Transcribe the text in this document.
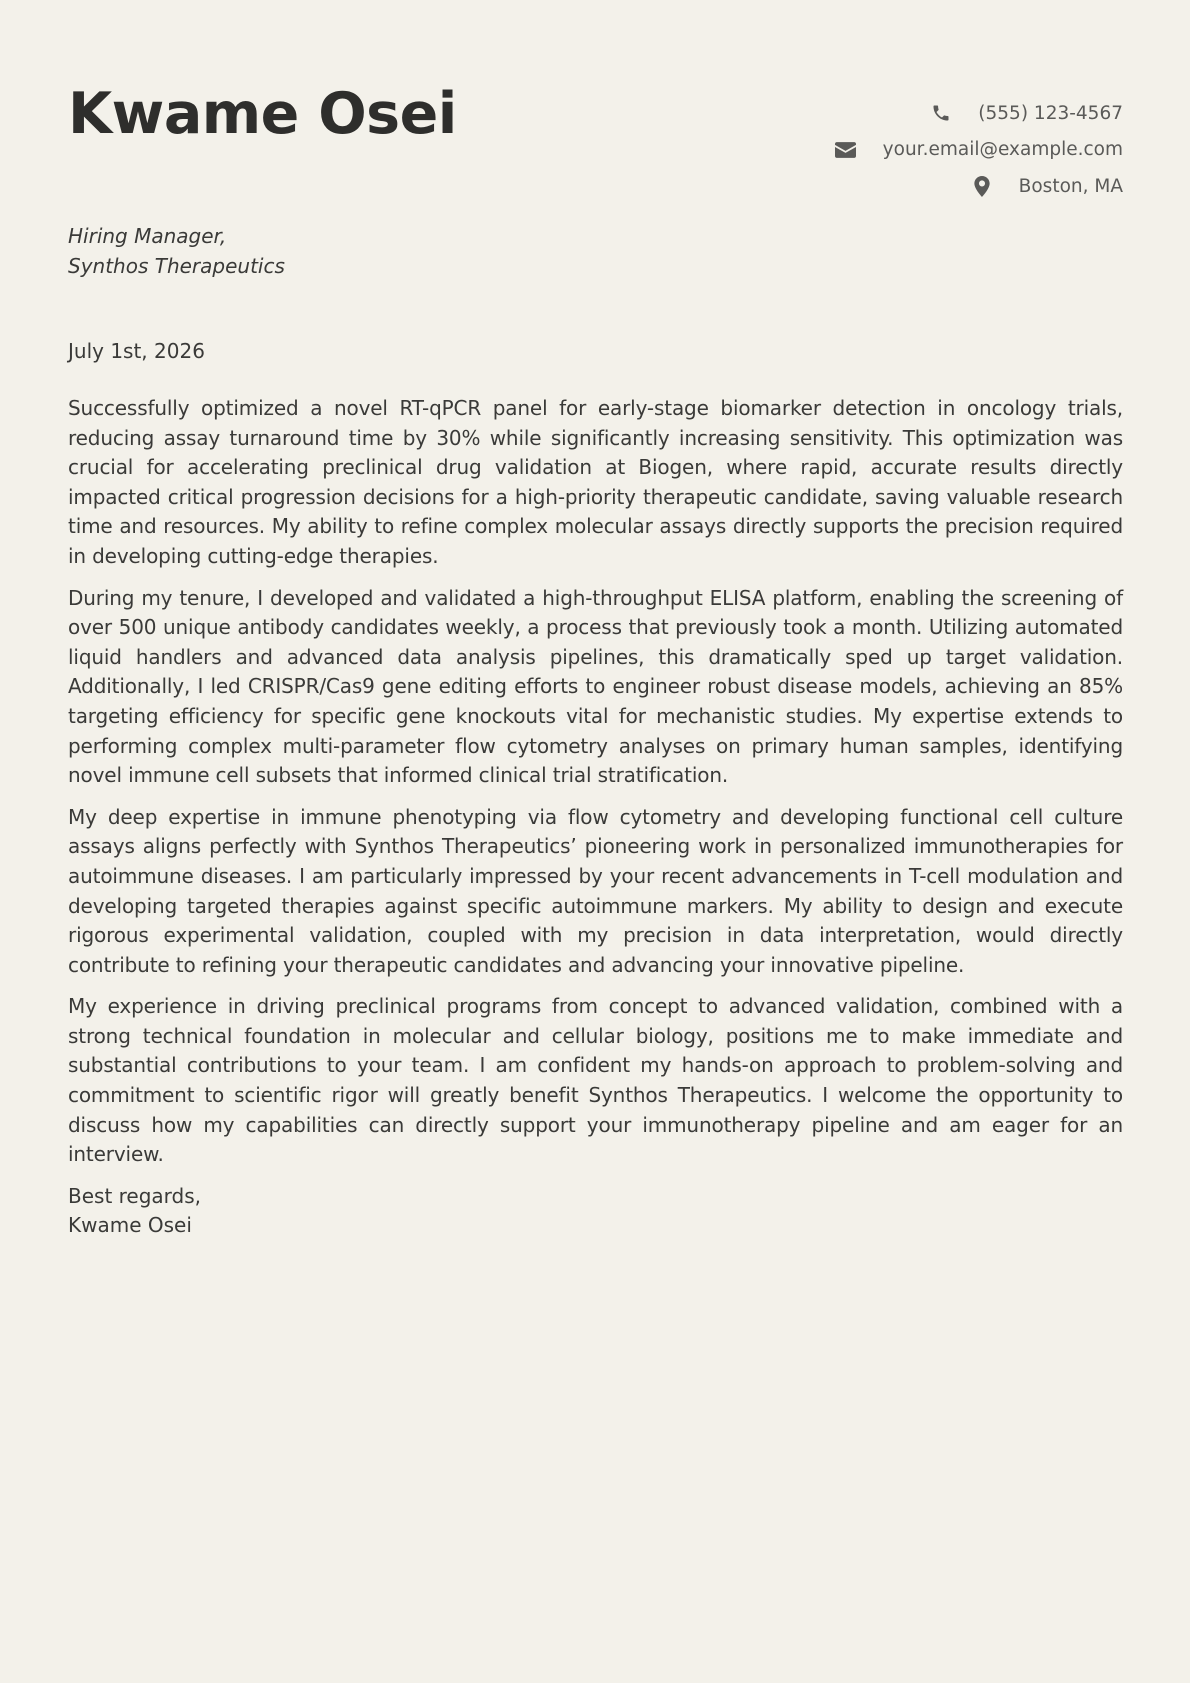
Kwame Osei	(555) 123-4567
your.email@example.com
Boston, MA
Hiring Manager,
Synthos Therapeutics
July 1st, 2026

Successfully optimized a novel RT-qPCR panel for early-stage biomarker detection in oncology trials, reducing assay turnaround time by 30% while significantly increasing sensitivity. This optimization was crucial for accelerating preclinical drug validation at Biogen, where rapid, accurate results directly impacted critical progression decisions for a high-priority therapeutic candidate, saving valuable research time and resources. My ability to refine complex molecular assays directly supports the precision required in developing cutting-edge therapies.

During my tenure, I developed and validated a high-throughput ELISA platform, enabling the screening of over 500 unique antibody candidates weekly, a process that previously took a month. Utilizing automated liquid handlers and advanced data analysis pipelines, this dramatically sped up target validation. Additionally, I led CRISPR/Cas9 gene editing efforts to engineer robust disease models, achieving an 85% targeting efficiency for specific gene knockouts vital for mechanistic studies. My expertise extends to performing complex multi-parameter flow cytometry analyses on primary human samples, identifying novel immune cell subsets that informed clinical trial stratification.

My deep expertise in immune phenotyping via flow cytometry and developing functional cell culture assays aligns perfectly with Synthos Therapeutics’ pioneering work in personalized immunotherapies for autoimmune diseases. I am particularly impressed by your recent advancements in T-cell modulation and developing targeted therapies against specific autoimmune markers. My ability to design and execute rigorous experimental validation, coupled with my precision in data interpretation, would directly contribute to refining your therapeutic candidates and advancing your innovative pipeline.

My experience in driving preclinical programs from concept to advanced validation, combined with a strong technical foundation in molecular and cellular biology, positions me to make immediate and substantial contributions to your team. I am confident my hands-on approach to problem-solving and commitment to scientific rigor will greatly benefit Synthos Therapeutics. I welcome the opportunity to discuss how my capabilities can directly support your immunotherapy pipeline and am eager for an interview.

Best regards,
Kwame Osei
